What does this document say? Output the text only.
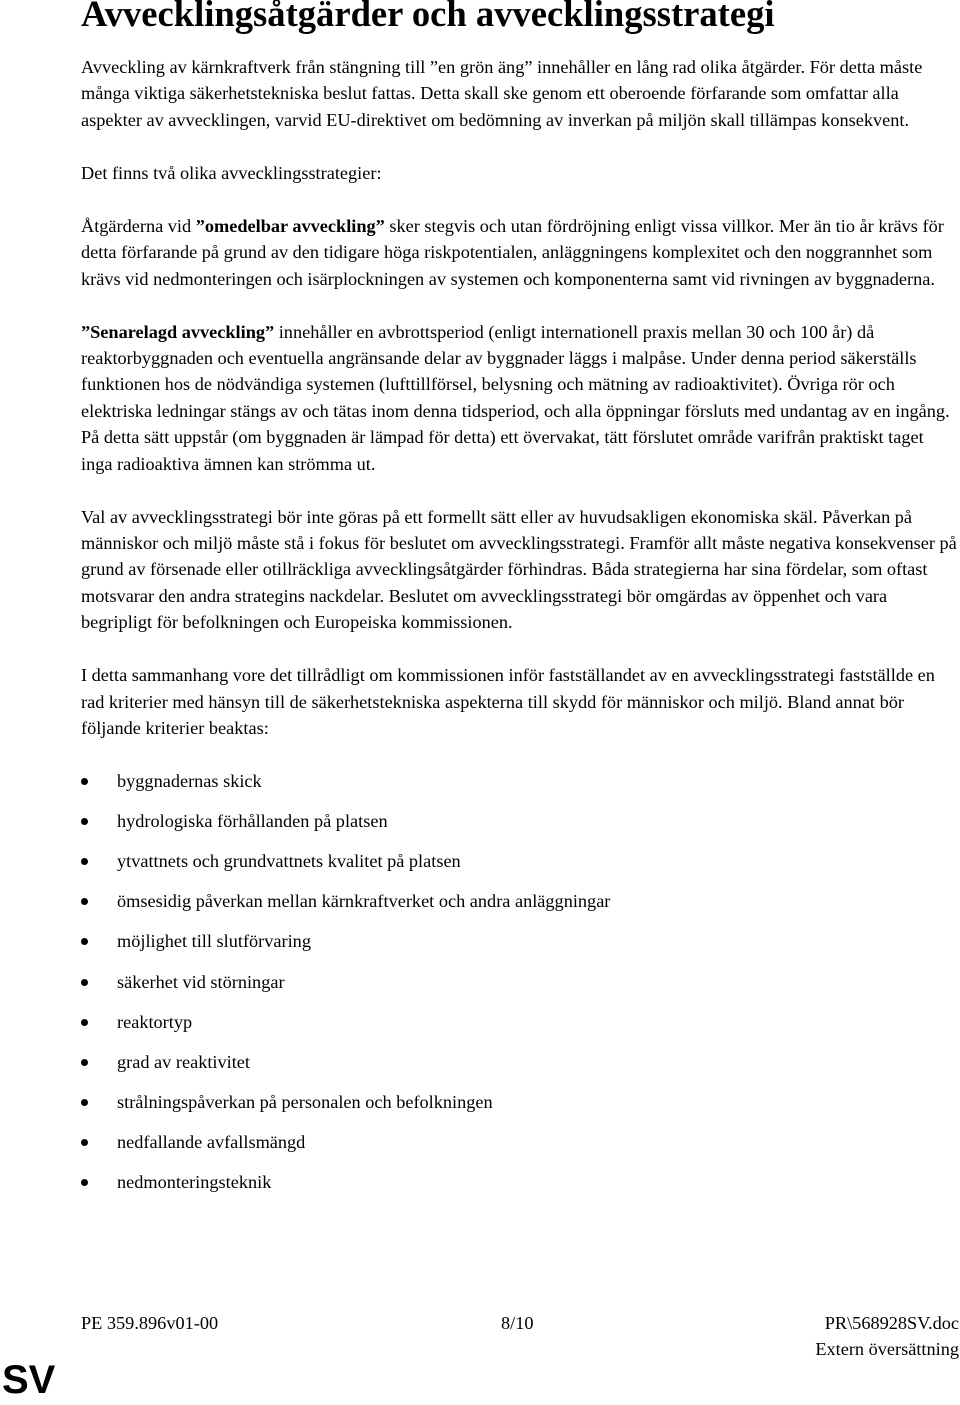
Avvecklingsåtgärder och avvecklingsstrategi

Avveckling av kärnkraftverk från stängning till ”en grön äng” innehåller en lång rad olika åtgärder. För detta måste många viktiga säkerhetstekniska beslut fattas. Detta skall ske genom ett oberoende förfarande som omfattar alla aspekter av avvecklingen, varvid EU-direktivet om bedömning av inverkan på miljön skall tillämpas konsekvent.

Det finns två olika avvecklingsstrategier:

Åtgärderna vid ”omedelbar avveckling” sker stegvis och utan fördröjning enligt vissa villkor. Mer än tio år krävs för detta förfarande på grund av den tidigare höga riskpotentialen, anläggningens komplexitet och den noggrannhet som krävs vid nedmonteringen och isärplockningen av systemen och komponenterna samt vid rivningen av byggnaderna.

”Senarelagd avveckling” innehåller en avbrottsperiod (enligt internationell praxis mellan 30 och 100 år) då reaktorbyggnaden och eventuella angränsande delar av byggnader läggs i malpåse. Under denna period säkerställs funktionen hos de nödvändiga systemen (lufttillförsel, belysning och mätning av radioaktivitet). Övriga rör och elektriska ledningar stängs av och tätas inom denna tidsperiod, och alla öppningar försluts med undantag av en ingång. På detta sätt uppstår (om byggnaden är lämpad för detta) ett övervakat, tätt förslutet område varifrån praktiskt taget inga radioaktiva ämnen kan strömma ut.

Val av avvecklingsstrategi bör inte göras på ett formellt sätt eller av huvudsakligen ekonomiska skäl. Påverkan på människor och miljö måste stå i fokus för beslutet om avvecklingsstrategi. Framför allt måste negativa konsekvenser på grund av försenade eller otillräckliga avvecklingsåtgärder förhindras. Båda strategierna har sina fördelar, som oftast motsvarar den andra strategins nackdelar. Beslutet om avvecklingsstrategi bör omgärdas av öppenhet och vara begripligt för befolkningen och Europeiska kommissionen.

I detta sammanhang vore det tillrådligt om kommissionen inför fastställandet av en avvecklingsstrategi fastställde en rad kriterier med hänsyn till de säkerhetstekniska aspekterna till skydd för människor och miljö. Bland annat bör följande kriterier beaktas:

byggnadernas skick
hydrologiska förhållanden på platsen
ytvattnets och grundvattnets kvalitet på platsen
ömsesidig påverkan mellan kärnkraftverket och andra anläggningar
möjlighet till slutförvaring
säkerhet vid störningar
reaktortyp
grad av reaktivitet
strålningspåverkan på personalen och befolkningen
nedfallande avfallsmängd
nedmonteringsteknik
PE 359.896v01-00	8/10	PR\568928SV.doc
Extern översättning
SV
